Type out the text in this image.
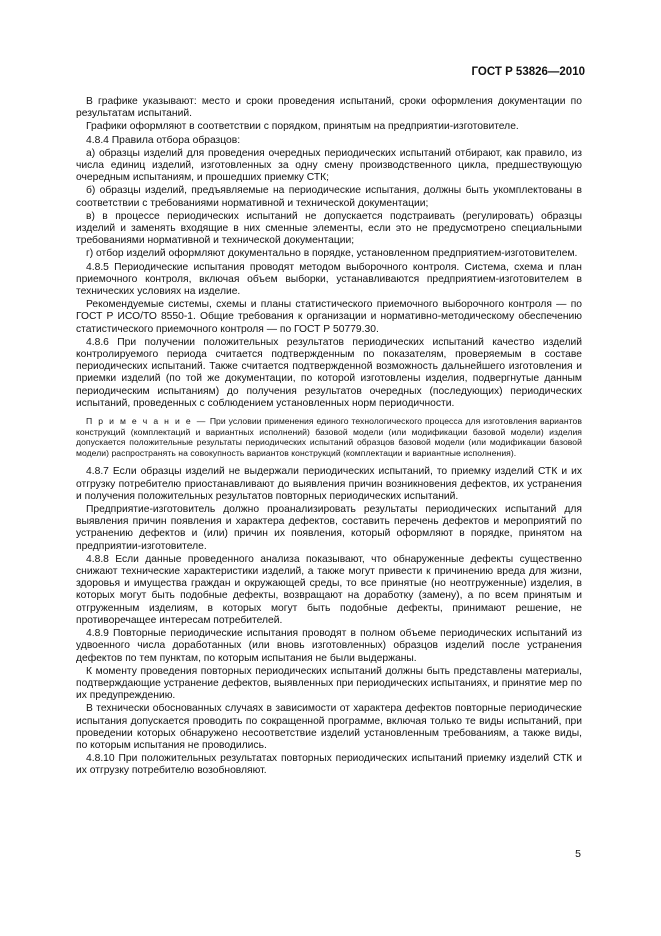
ГОСТ Р 53826—2010

В графике указывают: место и сроки проведения испытаний, сроки оформления документации по результатам испытаний.

Графики оформляют в соответствии с порядком, принятым на предприятии-изготовителе.

4.8.4 Правила отбора образцов:

а) образцы изделий для проведения очередных периодических испытаний отбирают, как правило, из числа единиц изделий, изготовленных за одну смену производственного цикла, предшествующую очередным испытаниям, и прошедших приемку СТК;

б) образцы изделий, предъявляемые на периодические испытания, должны быть укомплектованы в соответствии с требованиями нормативной и технической документации;

в) в процессе периодических испытаний не допускается подстраивать (регулировать) образцы изделий и заменять входящие в них сменные элементы, если это не предусмотрено специальными требованиями нормативной и технической документации;

г) отбор изделий оформляют документально в порядке, установленном предприятием-изготовителем.

4.8.5 Периодические испытания проводят методом выборочного контроля. Система, схема и план приемочного контроля, включая объем выборки, устанавливаются предприятием-изготовителем в технических условиях на изделие.

Рекомендуемые системы, схемы и планы статистического приемочного выборочного контроля — по ГОСТ Р ИСО/ТО 8550-1. Общие требования к организации и нормативно-методическому обеспечению статистического приемочного контроля — по ГОСТ Р 50779.30.

4.8.6 При получении положительных результатов периодических испытаний качество изделий контролируемого периода считается подтвержденным по показателям, проверяемым в составе периодических испытаний. Также считается подтвержденной возможность дальнейшего изготовления и приемки изделий (по той же документации, по которой изготовлены изделия, подвергнутые данным периодическим испытаниям) до получения результатов очередных (последующих) периодических испытаний, проведенных с соблюдением установленных норм периодичности.

П р и м е ч а н и е — При условии применения единого технологического процесса для изготовления вариантов конструкций (комплектаций и вариантных исполнений) базовой модели (или модификации базовой модели) изделия допускается положительные результаты периодических испытаний образцов базовой модели (или модификации базовой модели) распространять на совокупность вариантов конструкций (комплектации и вариантные исполнения).

4.8.7 Если образцы изделий не выдержали периодических испытаний, то приемку изделий СТК и их отгрузку потребителю приостанавливают до выявления причин возникновения дефектов, их устранения и получения положительных результатов повторных периодических испытаний.

Предприятие-изготовитель должно проанализировать результаты периодических испытаний для выявления причин появления и характера дефектов, составить перечень дефектов и мероприятий по устранению дефектов и (или) причин их появления, который оформляют в порядке, принятом на предприятии-изготовителе.

4.8.8 Если данные проведенного анализа показывают, что обнаруженные дефекты существенно снижают технические характеристики изделий, а также могут привести к причинению вреда для жизни, здоровья и имущества граждан и окружающей среды, то все принятые (но неотгруженные) изделия, в которых могут быть подобные дефекты, возвращают на доработку (замену), а по всем принятым и отгруженным изделиям, в которых могут быть подобные дефекты, принимают решение, не противоречащее интересам потребителей.

4.8.9 Повторные периодические испытания проводят в полном объеме периодических испытаний из удвоенного числа доработанных (или вновь изготовленных) образцов изделий после устранения дефектов по тем пунктам, по которым испытания не были выдержаны.

К моменту проведения повторных периодических испытаний должны быть представлены материалы, подтверждающие устранение дефектов, выявленных при периодических испытаниях, и принятие мер по их предупреждению.

В технически обоснованных случаях в зависимости от характера дефектов повторные периодические испытания допускается проводить по сокращенной программе, включая только те виды испытаний, при проведении которых обнаружено несоответствие изделий установленным требованиям, а также виды, по которым испытания не проводились.

4.8.10 При положительных результатах повторных периодических испытаний приемку изделий СТК и их отгрузку потребителю возобновляют.

5
